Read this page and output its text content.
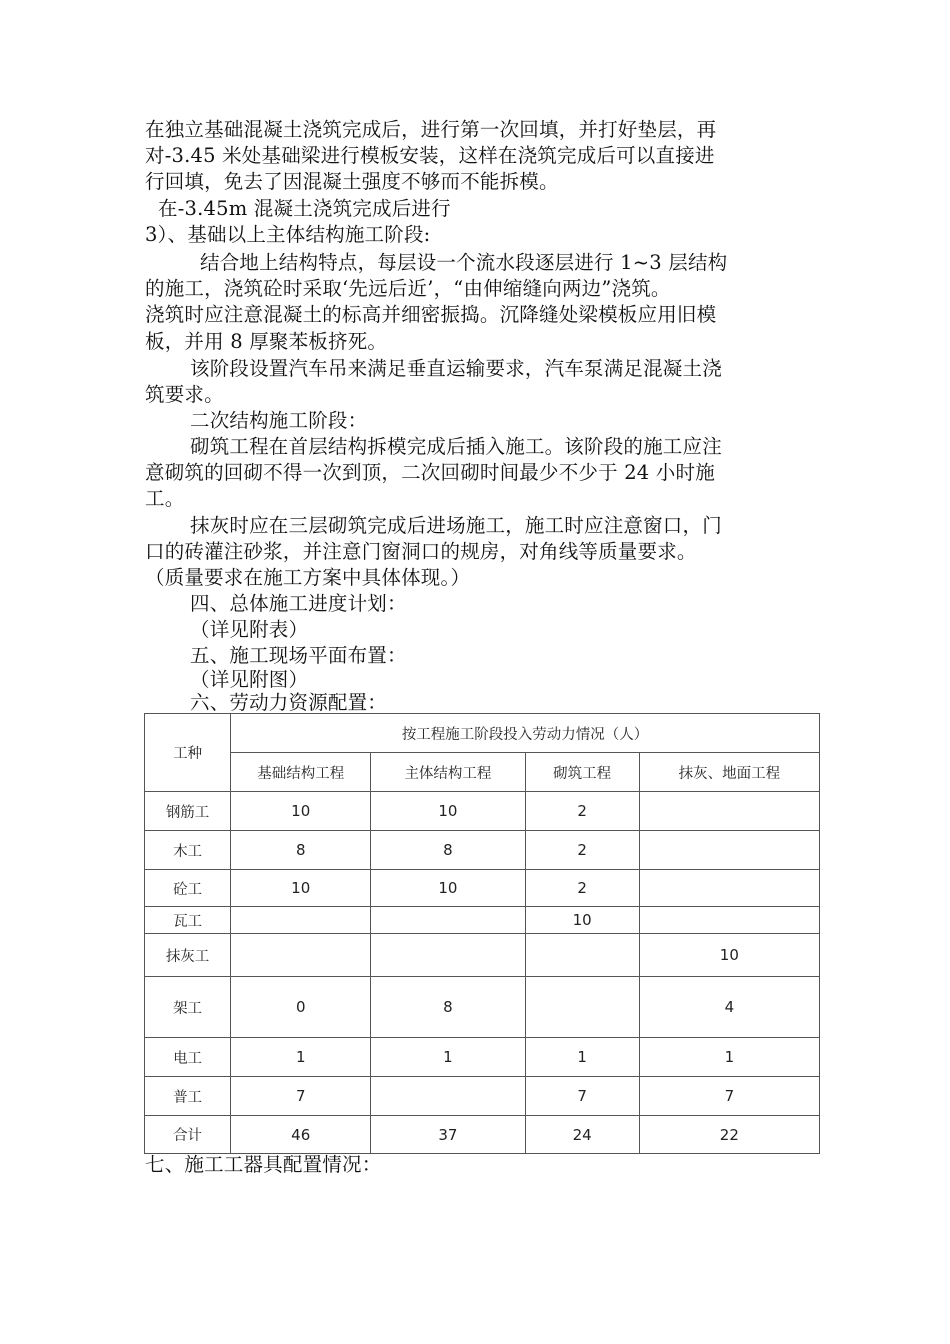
在独立基础混凝土浇筑完成后，进行第一次回填，并打好垫层，再
对-3.45 米处基础梁进行模板安装，这样在浇筑完成后可以直接进
行回填，免去了因混凝土强度不够而不能拆模。
在-3.45m 混凝土浇筑完成后进行
3）、基础以上主体结构施工阶段:
结合地上结构特点，每层设一个流水段逐层进行 1~3 层结构
的施工，浇筑砼时采取‘先远后近’，“由伸缩缝向两边”浇筑。
浇筑时应注意混凝土的标高并细密振捣。沉降缝处梁模板应用旧模
板，并用 8 厚聚苯板挤死。
该阶段设置汽车吊来满足垂直运输要求，汽车泵满足混凝土浇
筑要求。
二次结构施工阶段：
砌筑工程在首层结构拆模完成后插入施工。该阶段的施工应注
意砌筑的回砌不得一次到顶，二次回砌时间最少不少于 24 小时施
工。
抹灰时应在三层砌筑完成后进场施工，施工时应注意窗口，门
口的砖灌注砂浆，并注意门窗洞口的规房，对角线等质量要求。
（质量要求在施工方案中具体体现。）
四、总体施工进度计划：
（详见附表）
五、施工现场平面布置：
（详见附图）
六、劳动力资源配置：
工种	按工程施工阶段投入劳动力情况（人）			
	基础结构工程	主体结构工程	砌筑工程	抹灰、地面工程
钢筋工	10	10	2	
木工	8	8	2	
砼工	10	10	2	
瓦工			10	
抹灰工				10
架工	0	8		4
电工	1	1	1	1
普工	7		7	7
合计	46	37	24	22
七、施工工器具配置情况：
